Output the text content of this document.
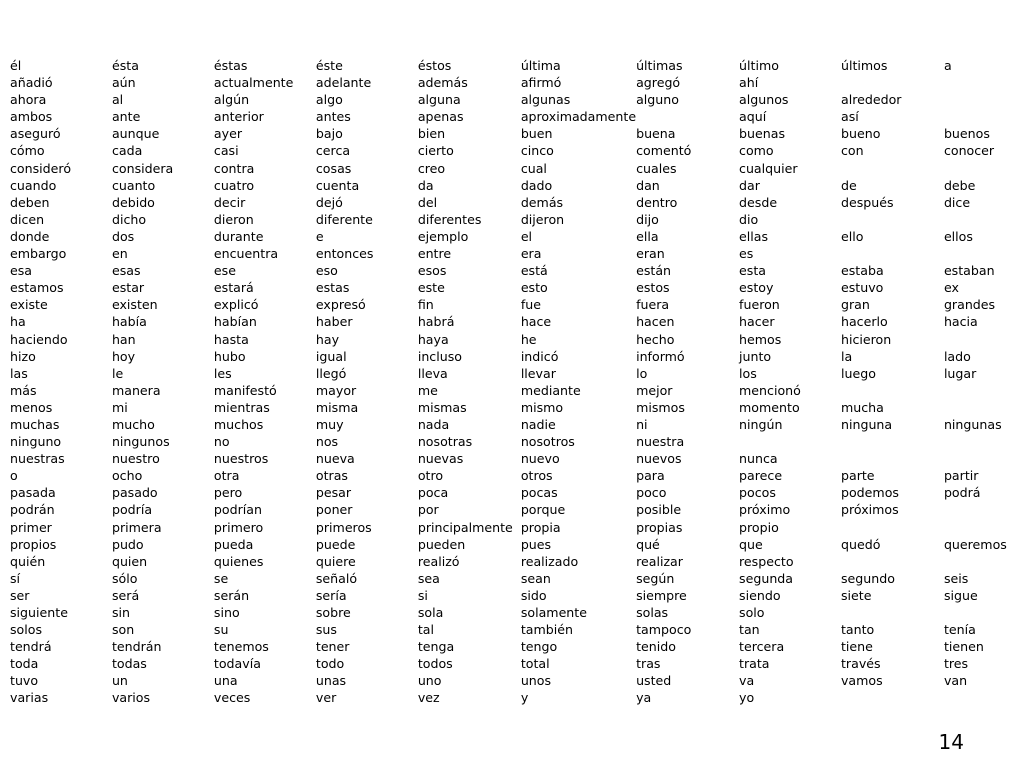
él	ésta	éstas	éste	éstos	última	últimas	último	últimos	a
añadió	aún	actualmente	adelante	además	afirmó	agregó	ahí		
ahora	al	algún	algo	alguna	algunas	alguno	algunos	alrededor	
ambos	ante	anterior	antes	apenas	aproximadamente		aquí	así	
aseguró	aunque	ayer	bajo	bien	buen	buena	buenas	bueno	buenos
cómo	cada	casi	cerca	cierto	cinco	comentó	como	con	conocer
consideró	considera	contra	cosas	creo	cual	cuales	cualquier		
cuando	cuanto	cuatro	cuenta	da	dado	dan	dar	de	debe
deben	debido	decir	dejó	del	demás	dentro	desde	después	dice
dicen	dicho	dieron	diferente	diferentes	dijeron	dijo	dio		
donde	dos	durante	e	ejemplo	el	ella	ellas	ello	ellos
embargo	en	encuentra	entonces	entre	era	eran	es		
esa	esas	ese	eso	esos	está	están	esta	estaba	estaban
estamos	estar	estará	estas	este	esto	estos	estoy	estuvo	ex
existe	existen	explicó	expresó	fin	fue	fuera	fueron	gran	grandes
ha	había	habían	haber	habrá	hace	hacen	hacer	hacerlo	hacia
haciendo	han	hasta	hay	haya	he	hecho	hemos	hicieron	
hizo	hoy	hubo	igual	incluso	indicó	informó	junto	la	lado
las	le	les	llegó	lleva	llevar	lo	los	luego	lugar
más	manera	manifestó	mayor	me	mediante	mejor	mencionó		
menos	mi	mientras	misma	mismas	mismo	mismos	momento	mucha	
muchas	mucho	muchos	muy	nada	nadie	ni	ningún	ninguna	ningunas
ninguno	ningunos	no	nos	nosotras	nosotros	nuestra			
nuestras	nuestro	nuestros	nueva	nuevas	nuevo	nuevos	nunca		
o	ocho	otra	otras	otro	otros	para	parece	parte	partir
pasada	pasado	pero	pesar	poca	pocas	poco	pocos	podemos	podrá
podrán	podría	podrían	poner	por	porque	posible	próximo	próximos	
primer	primera	primero	primeros	principalmente	propia	propias	propio		
propios	pudo	pueda	puede	pueden	pues	qué	que	quedó	queremos
quién	quien	quienes	quiere	realizó	realizado	realizar	respecto		
sí	sólo	se	señaló	sea	sean	según	segunda	segundo	seis
ser	será	serán	sería	si	sido	siempre	siendo	siete	sigue
siguiente	sin	sino	sobre	sola	solamente	solas	solo		
solos	son	su	sus	tal	también	tampoco	tan	tanto	tenía
tendrá	tendrán	tenemos	tener	tenga	tengo	tenido	tercera	tiene	tienen
toda	todas	todavía	todo	todos	total	tras	trata	través	tres
tuvo	un	una	unas	uno	unos	usted	va	vamos	van
varias	varios	veces	ver	vez	y	ya	yo		
14
